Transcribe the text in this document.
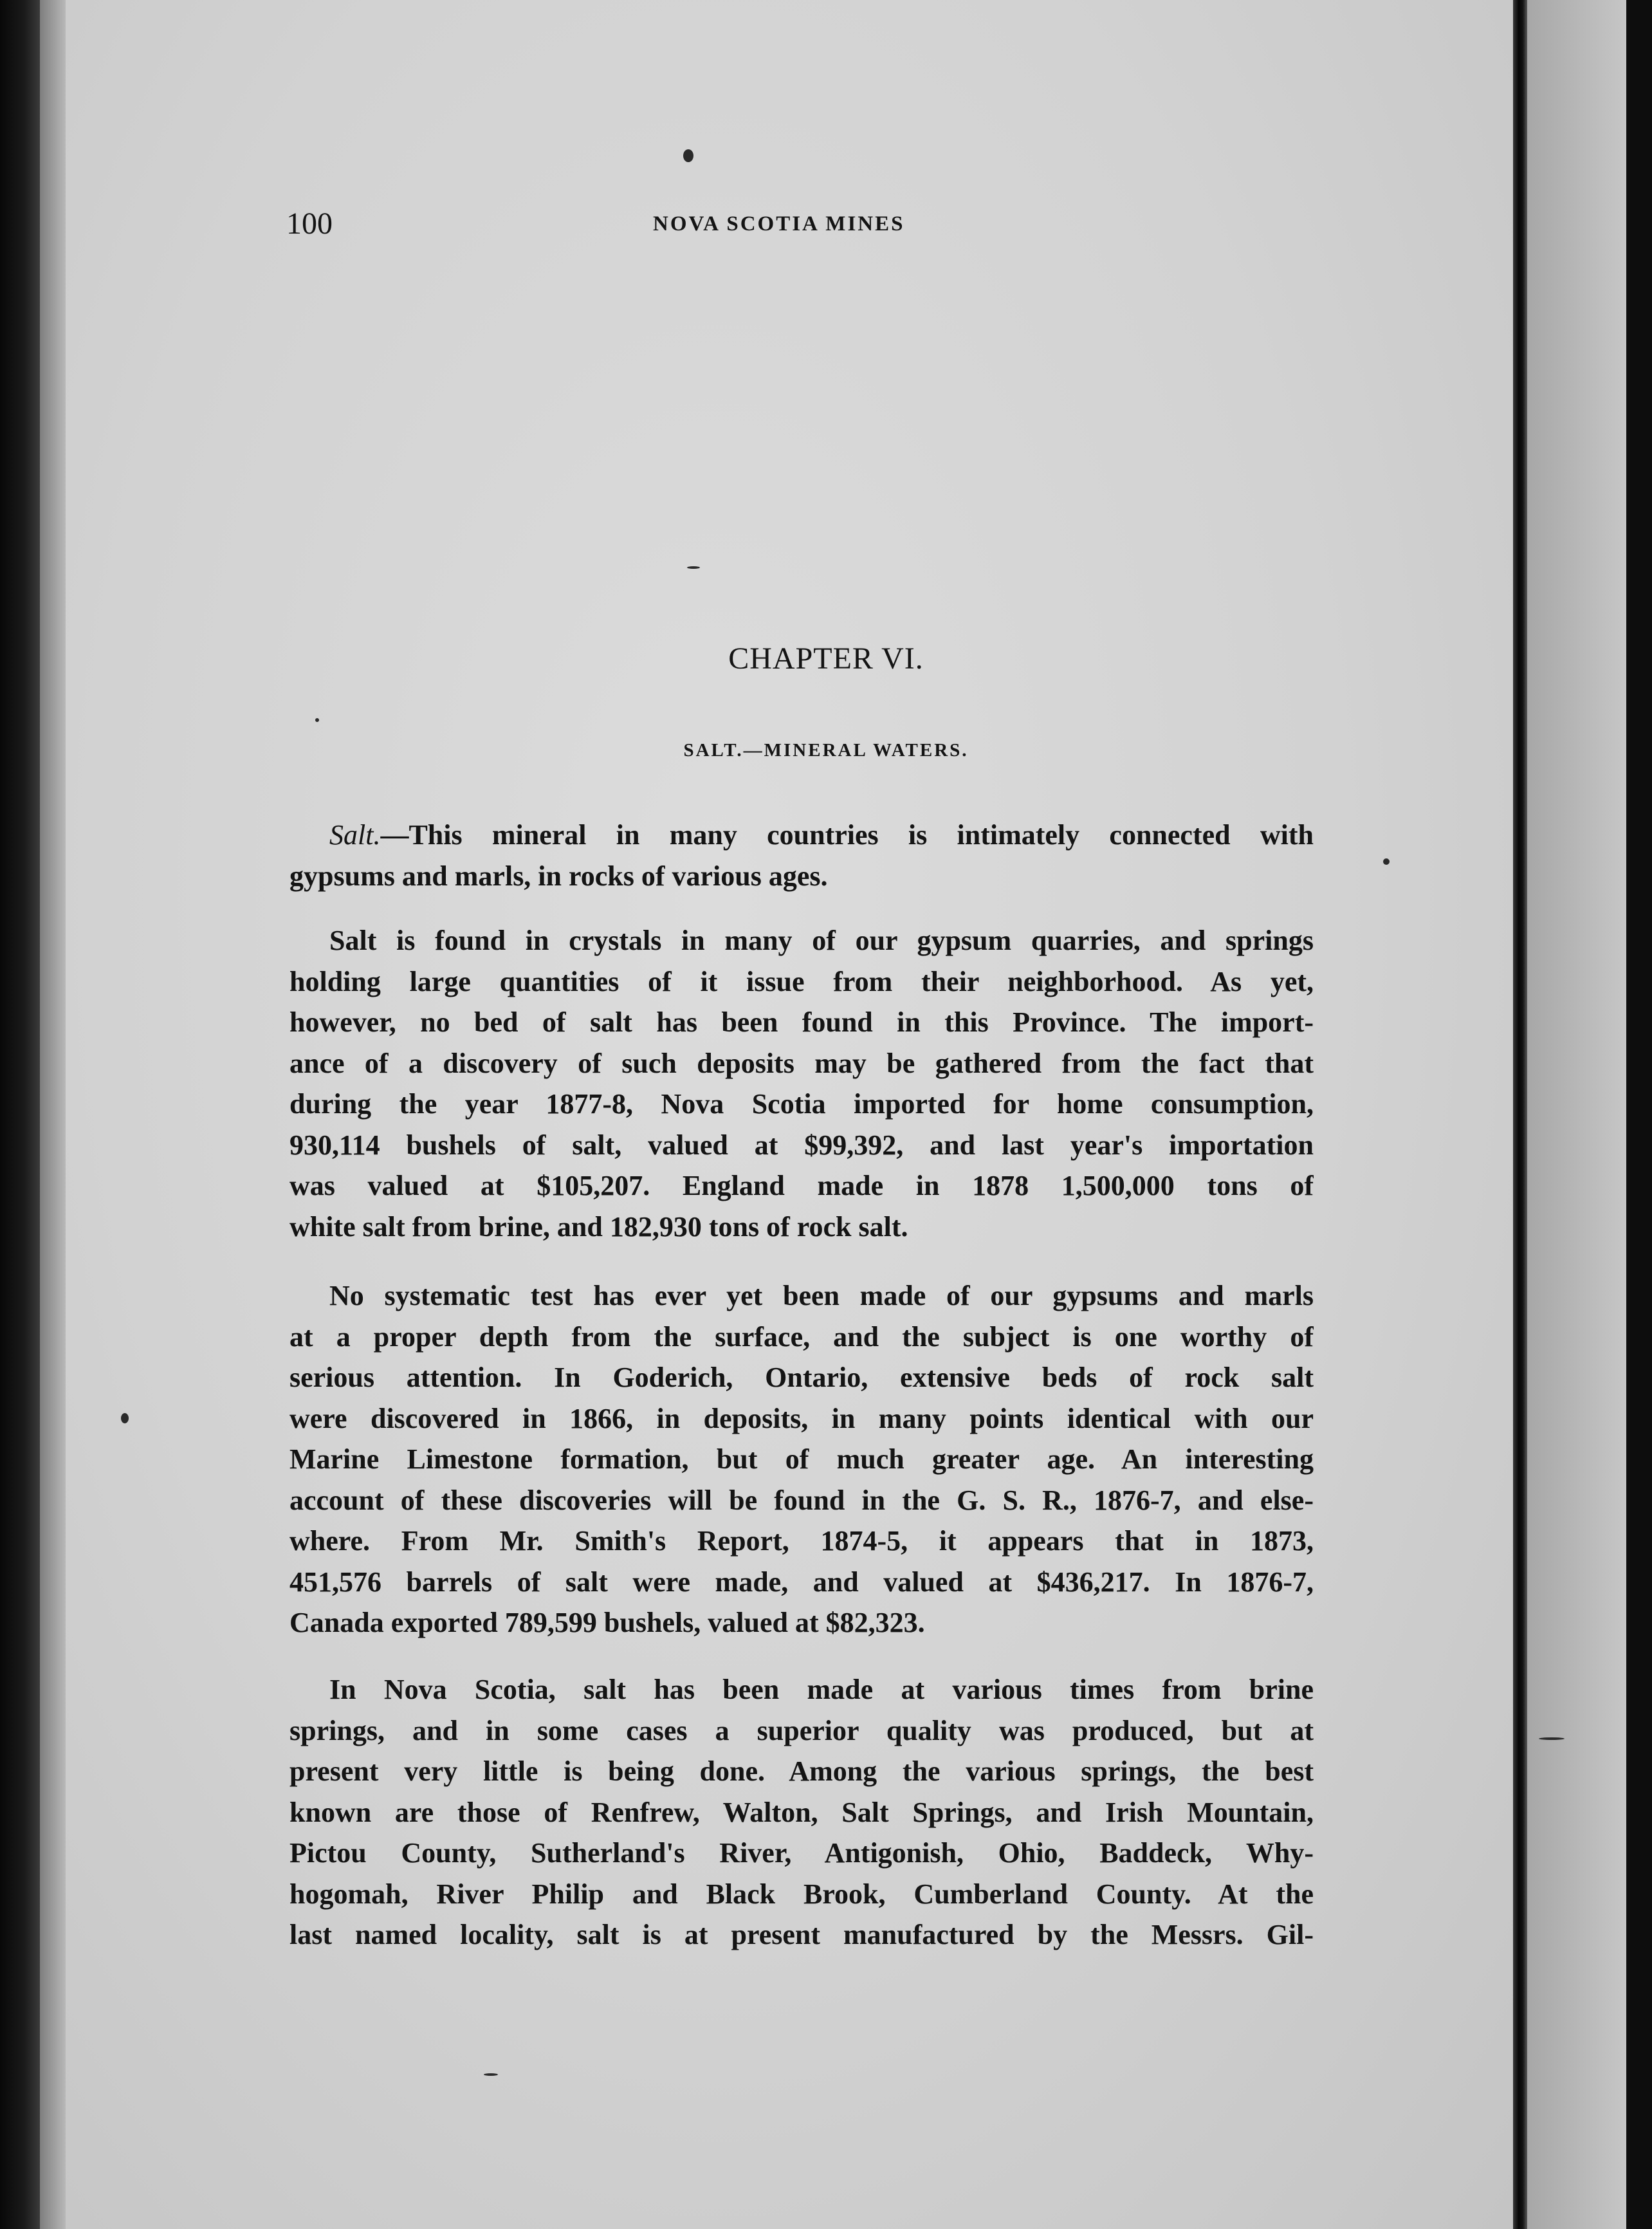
100	NOVA SCOTIA MINES
CHAPTER VI.
SALT.—MINERAL WATERS.
Salt.—This mineral in many countries is intimately connected with
gypsums and marls, in rocks of various ages.
Salt is found in crystals in many of our gypsum quarries, and springs
holding large quantities of it issue from their neighborhood. As yet,
however, no bed of salt has been found in this Province. The import-
ance of a discovery of such deposits may be gathered from the fact that
during the year 1877-8, Nova Scotia imported for home consumption,
930,114 bushels of salt, valued at $99,392, and last year's importation
was valued at $105,207. England made in 1878 1,500,000 tons of
white salt from brine, and 182,930 tons of rock salt.
No systematic test has ever yet been made of our gypsums and marls
at a proper depth from the surface, and the subject is one worthy of
serious attention. In Goderich, Ontario, extensive beds of rock salt
were discovered in 1866, in deposits, in many points identical with our
Marine Limestone formation, but of much greater age. An interesting
account of these discoveries will be found in the G. S. R., 1876-7, and else-
where. From Mr. Smith's Report, 1874-5, it appears that in 1873,
451,576 barrels of salt were made, and valued at $436,217. In 1876-7,
Canada exported 789,599 bushels, valued at $82,323.
In Nova Scotia, salt has been made at various times from brine
springs, and in some cases a superior quality was produced, but at
present very little is being done. Among the various springs, the best
known are those of Renfrew, Walton, Salt Springs, and Irish Mountain,
Pictou County, Sutherland's River, Antigonish, Ohio, Baddeck, Why-
hogomah, River Philip and Black Brook, Cumberland County. At the
last named locality, salt is at present manufactured by the Messrs. Gil-
